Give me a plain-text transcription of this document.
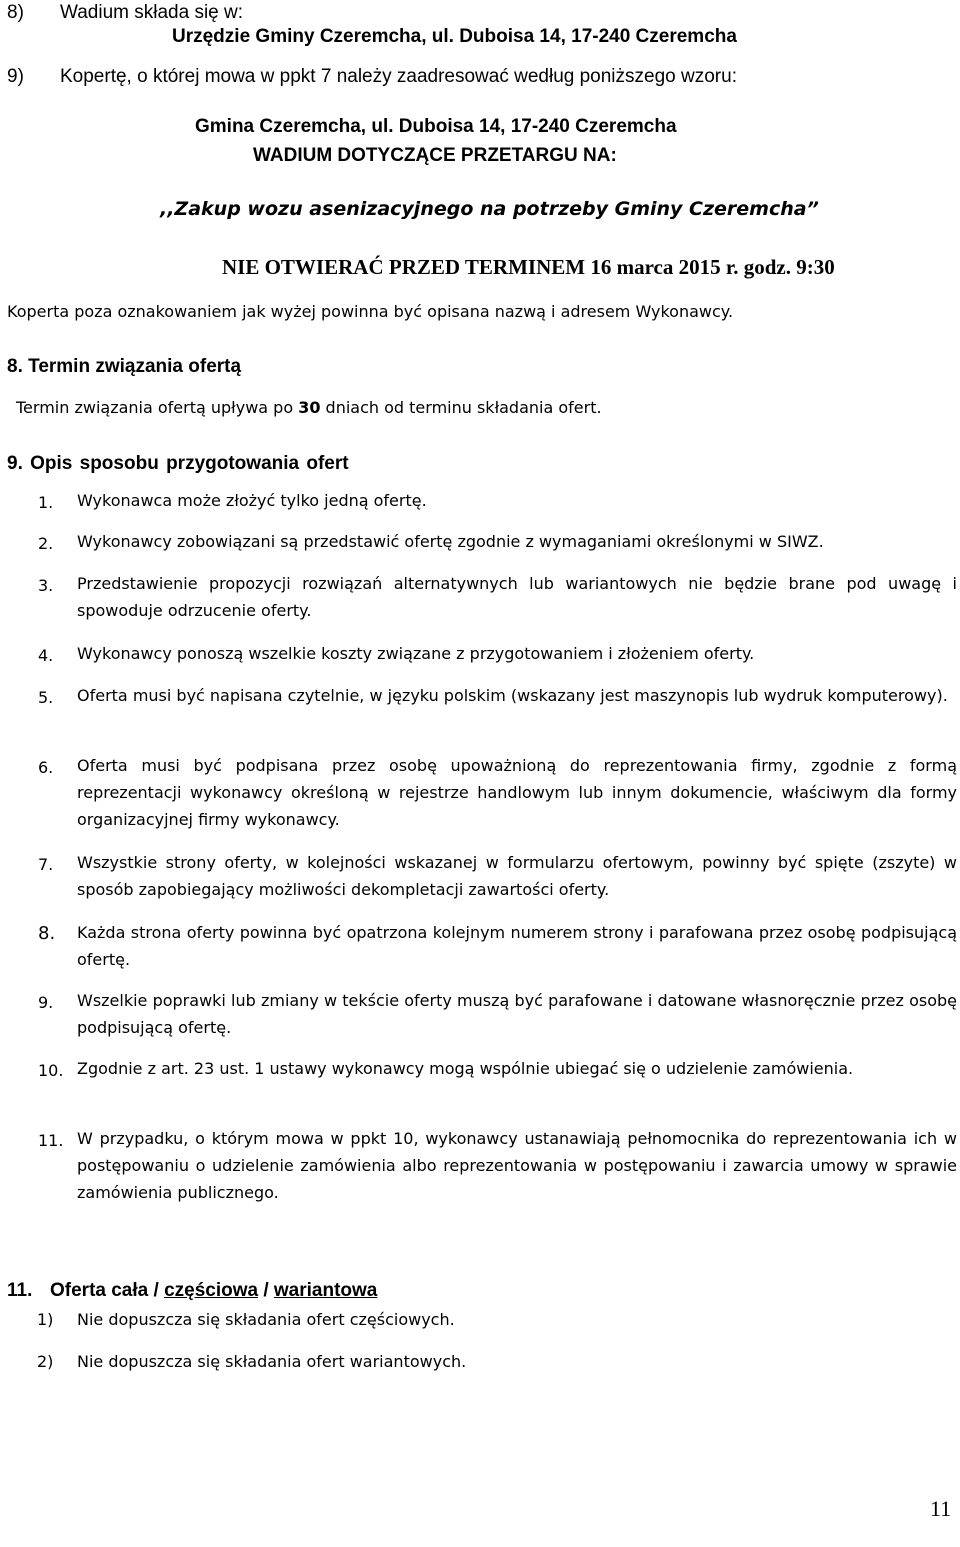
8) Wadium składa się w:
Urzędzie Gminy Czeremcha, ul. Duboisa 14, 17-240 Czeremcha
9) Kopertę, o której mowa w ppkt 7 należy zaadresować według poniższego wzoru:
Gmina Czeremcha, ul. Duboisa 14, 17-240 Czeremcha
WADIUM DOTYCZĄCE PRZETARGU NA:
,,Zakup wozu asenizacyjnego na potrzeby Gminy Czeremcha”
NIE OTWIERAĆ PRZED TERMINEM 16 marca 2015 r. godz. 9:30
Koperta poza oznakowaniem jak wyżej powinna być opisana nazwą i adresem Wykonawcy.
8. Termin związania ofertą
Termin związania ofertą upływa po 30 dniach od terminu składania ofert.
9. Opis sposobu przygotowania ofert
1. Wykonawca może złożyć tylko jedną ofertę.
2. Wykonawcy zobowiązani są przedstawić ofertę zgodnie z wymaganiami określonymi w SIWZ.
3. Przedstawienie propozycji rozwiązań alternatywnych lub wariantowych nie będzie brane pod uwagę i spowoduje odrzucenie oferty.
4. Wykonawcy ponoszą wszelkie koszty związane z przygotowaniem i złożeniem oferty.
5. Oferta musi być napisana czytelnie, w języku polskim (wskazany jest maszynopis lub wydruk komputerowy).
6. Oferta musi być podpisana przez osobę upoważnioną do reprezentowania firmy, zgodnie z formą reprezentacji wykonawcy określoną w rejestrze handlowym lub innym dokumencie, właściwym dla formy organizacyjnej firmy wykonawcy.
7. Wszystkie strony oferty, w kolejności wskazanej w formularzu ofertowym, powinny być spięte (zszyte) w sposób zapobiegający możliwości dekompletacji zawartości oferty.
8. Każda strona oferty powinna być opatrzona kolejnym numerem strony i parafowana przez osobę podpisującą ofertę.
9. Wszelkie poprawki lub zmiany w tekście oferty muszą być parafowane i datowane własnoręcznie przez osobę podpisującą ofertę.
10. Zgodnie z art. 23 ust. 1 ustawy wykonawcy mogą wspólnie ubiegać się o udzielenie zamówienia.
11. W przypadku, o którym mowa w ppkt 10, wykonawcy ustanawiają pełnomocnika do reprezentowania ich w postępowaniu o udzielenie zamówienia albo reprezentowania w postępowaniu i zawarcia umowy w sprawie zamówienia publicznego.
11. Oferta cała / częściowa / wariantowa
1) Nie dopuszcza się składania ofert częściowych.
2) Nie dopuszcza się składania ofert wariantowych.
11
